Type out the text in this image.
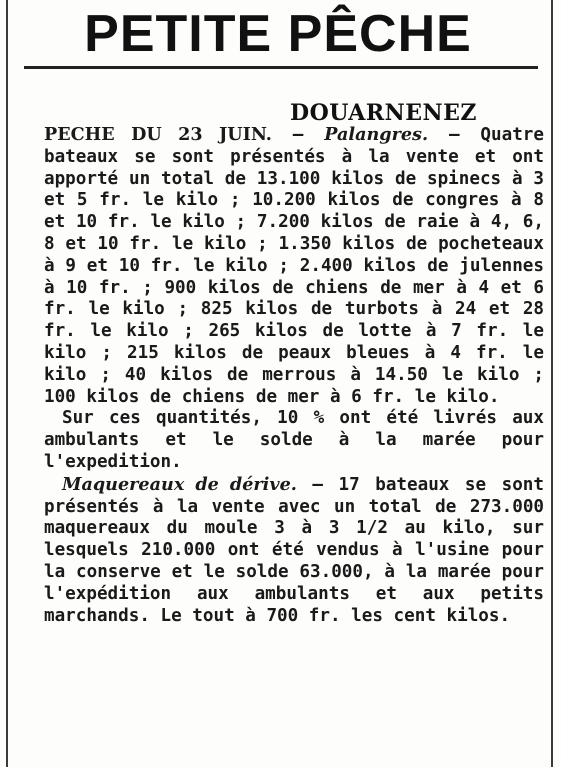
PETITE PÊCHE
DOUARNENEZ

PECHE DU 23 JUIN. — Palangres. — Quatre bateaux se sont présentés à la vente et ont apporté un total de 13.100 kilos de spinecs à 3 et 5 fr. le kilo ; 10.200 kilos de congres à 8 et 10 fr. le kilo ; 7.200 kilos de raie à 4, 6, 8 et 10 fr. le kilo ; 1.350 kilos de pocheteaux à 9 et 10 fr. le kilo ; 2.400 kilos de julennes à 10 fr. ; 900 kilos de chiens de mer à 4 et 6 fr. le kilo ; 825 kilos de turbots à 24 et 28 fr. le kilo ; 265 kilos de lotte à 7 fr. le kilo ; 215 kilos de peaux bleues à 4 fr. le kilo ; 40 kilos de merrous à 14.50 le kilo ; 100 kilos de chiens de mer à 6 fr. le kilo.

Sur ces quantités, 10 % ont été livrés aux ambulants et le solde à la marée pour l'expedition.

Maquereaux de dérive. — 17 bateaux se sont présentés à la vente avec un total de 273.000 maquereaux du moule 3 à 3 1/2 au kilo, sur lesquels 210.000 ont été vendus à l'usine pour la conserve et le solde 63.000, à la marée pour l'expédition aux ambulants et aux petits marchands. Le tout à 700 fr. les cent kilos.
